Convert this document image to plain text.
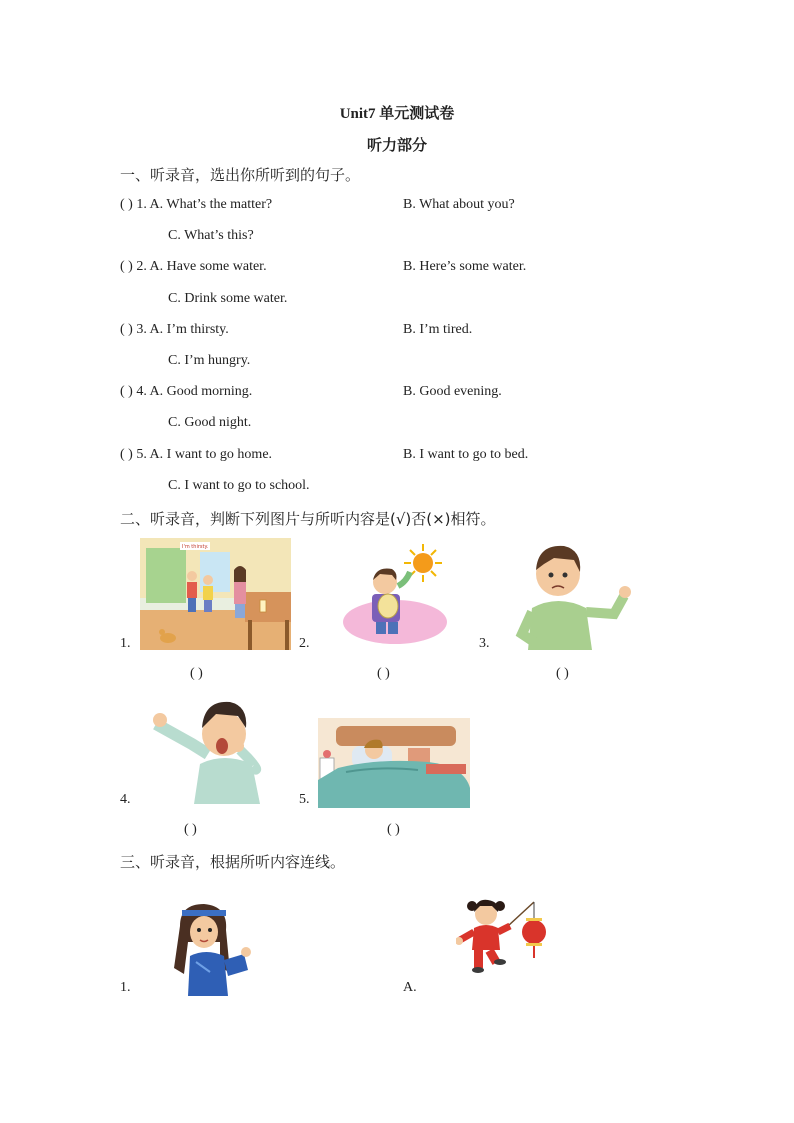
Unit7 单元测试卷
听力部分
一、听录音，选出你所听到的句子。
( ) 1. A. What’s the matter?	B. What about you?
C. What’s this?
( ) 2. A. Have some water.	B. Here’s some water.
C. Drink some water.
( ) 3. A. I’m thirsty.	B. I’m tired.
C. I’m hungry.
( ) 4. A. Good morning.	B. Good evening.
C. Good night.
( ) 5. A. I want to go home.	B. I want to go to bed.
C. I want to go to school.
二、听录音，判断下列图片与所听内容是(√)否(×)相符。
1.
I'm thirsty.
( )
2.
( )
3.
( )
4.
( )
5.
( )
三、听录音，根据所听内容连线。
1.	A.
